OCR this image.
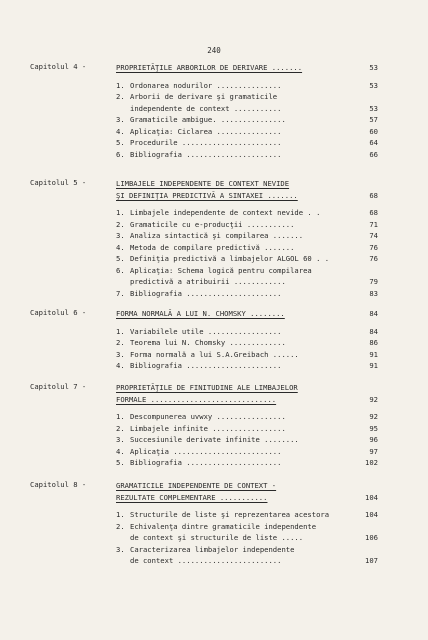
240
Capitolul 4 -	PROPRIETĂŢILE ARBORILOR DE DERIVARE .......	53
1. Ordonarea nodurilor ...............	53
2. Arborii de derivare şi gramaticile
independente de context ...........	53
3. Gramaticile ambigue. ...............	57
4. Aplicaţia: Ciclarea ...............	60
5. Procedurile .......................	64
6. Bibliografia ......................	66
Capitolul 5 -	LIMBAJELE INDEPENDENTE DE CONTEXT NEVIDE
ŞI DEFINIŢIA PREDICTIVĂ A SINTAXEI .......	68
1. Limbajele independente de context nevide . .	68
2. Gramaticile cu e-producţii ...........	71
3. Analiza sintactică şi compilarea .......	74
4. Metoda de compilare predictivă .......	76
5. Definiţia predictivă a limbajelor ALGOL 60 . .	76
6. Aplicaţia: Schema logică pentru compilarea
predictivă a atribuirii ............	79
7. Bibliografia ......................	83
Capitolul 6 -	FORMA NORMALĂ A LUI N. CHOMSKY ........	84
1. Variabilele utile .................	84
2. Teorema lui N. Chomsky .............	86
3. Forma normală a lui S.A.Greibach ......	91
4. Bibliografia ......................	91
Capitolul 7 -	PROPRIETĂŢILE DE FINITUDINE ALE LIMBAJELOR
FORMALE .............................	92
1. Descompunerea uvwxy ................	92
2. Limbajele infinite .................	95
3. Succesiunile derivate infinite ........	96
4. Aplicaţia .........................	97
5. Bibliografia ......................	102
Capitolul 8 -	GRAMATICILE INDEPENDENTE DE CONTEXT -
REZULTATE COMPLEMENTARE ...........	104
1. Structurile de liste şi reprezentarea acestora	104
2. Echivalenţa dintre gramaticile independente
de context şi structurile de liste .....	106
3. Caracterizarea limbajelor independente
de context ........................	107
